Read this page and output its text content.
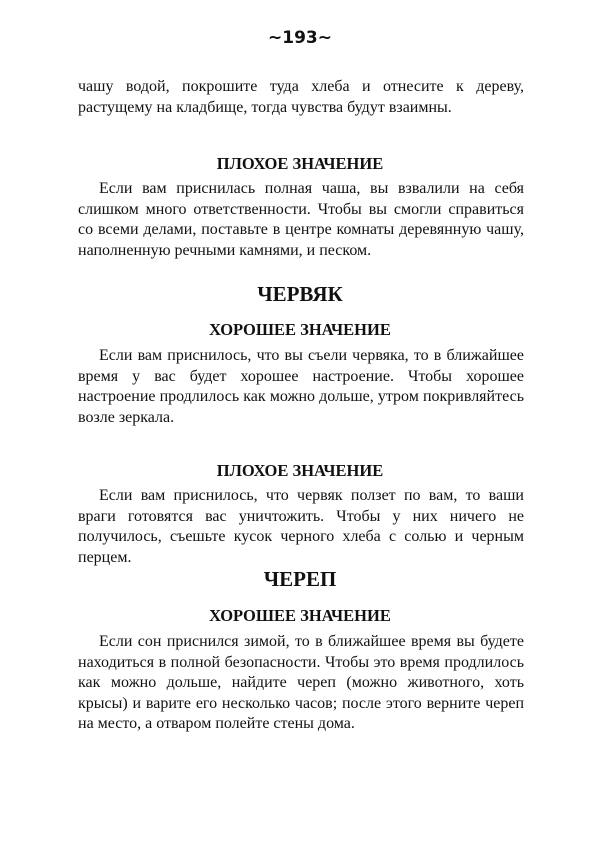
~193~

чашу водой, покрошите туда хлеба и отнесите к дереву, растущему на кладбище, тогда чувства будут взаимны.

ПЛОХОЕ ЗНАЧЕНИЕ

Если вам приснилась полная чаша, вы взвалили на себя слишком много ответственности. Чтобы вы смогли справиться со всеми делами, поставьте в центре комнаты деревянную чашу, наполненную речными камнями, и песком.

ЧЕРВЯК
ХОРОШЕЕ ЗНАЧЕНИЕ

Если вам приснилось, что вы съели червяка, то в ближайшее время у вас будет хорошее настроение. Чтобы хорошее настроение продлилось как можно дольше, утром покривляйтесь возле зеркала.

ПЛОХОЕ ЗНАЧЕНИЕ

Если вам приснилось, что червяк ползет по вам, то ваши враги готовятся вас уничтожить. Чтобы у них ничего не получилось, съешьте кусок черного хлеба с солью и черным перцем.

ЧЕРЕП
ХОРОШЕЕ ЗНАЧЕНИЕ

Если сон приснился зимой, то в ближайшее время вы будете находиться в полной безопасности. Чтобы это время продлилось как можно дольше, найдите череп (можно животного, хоть крысы) и варите его несколько часов; после этого верните череп на место, а отваром полейте стены дома.
